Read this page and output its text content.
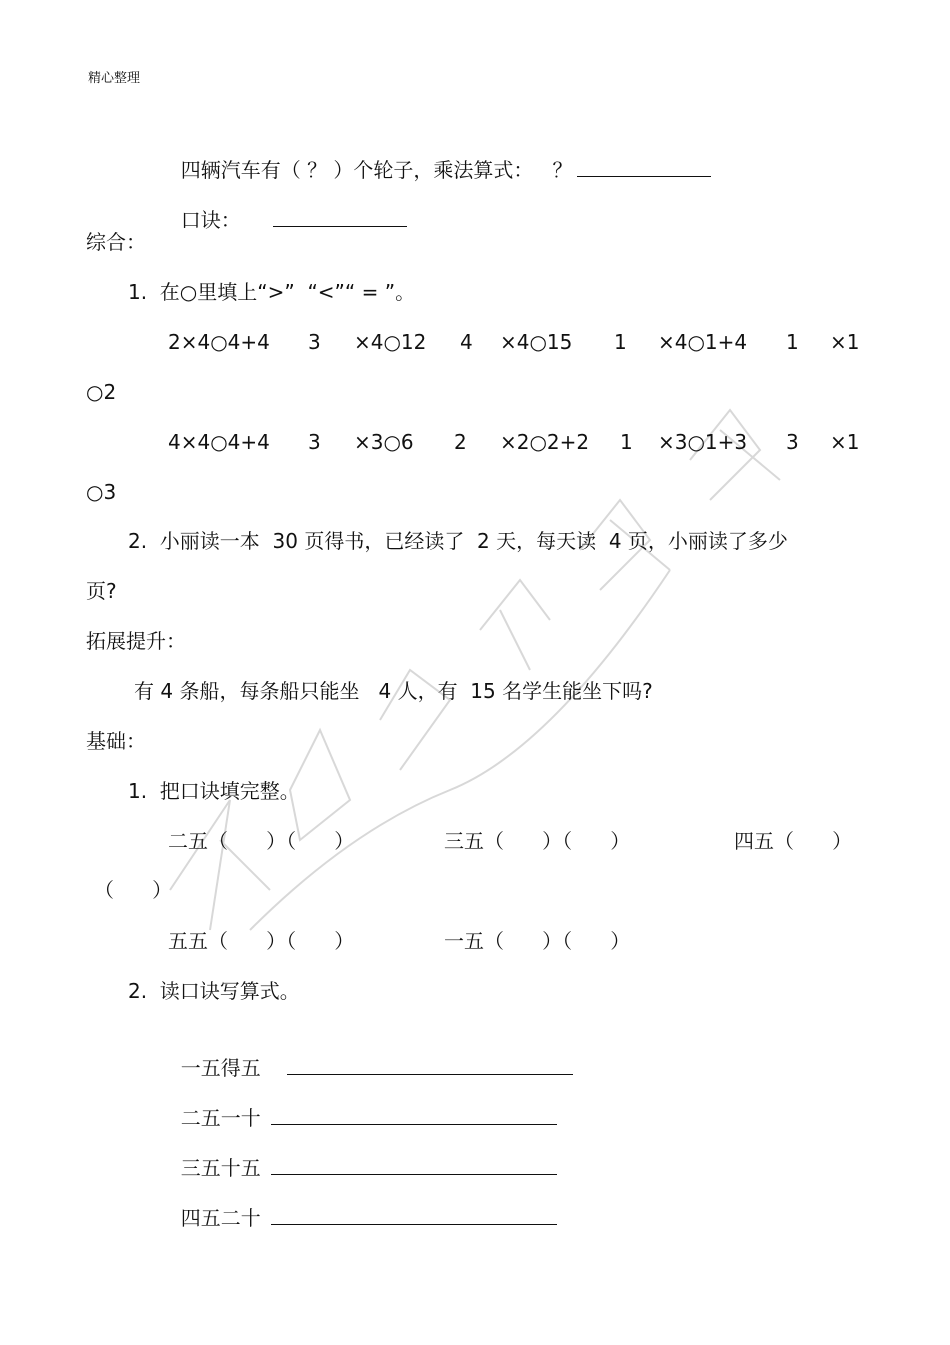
精心整理

四辆汽车有（ ？ ）个轮子，乘法算式：   ？

口诀：

综合：
1.  在○里填上“>”  “<”“ = ”。
2×4○4+4 3 ×4○12 4 ×4○15 1 ×4○1+4 1 ×1
○2
4×4○4+4 3 ×3○6 2 ×2○2+2 1 ×3○1+3 3 ×1
○3
2.  小丽读一本  30 页得书，已经读了  2 天，每天读  4 页，小丽读了多少
页?
拓展提升：
有 4 条船，每条船只能坐   4 人，有  15 名学生能坐下吗?
基础：
1.  把口诀填完整。
二五（      ）（      ）	三五（      ）（      ）	四五（      ）
（      ）
五五（      ）（      ）	一五（      ）（      ）
2.  读口诀写算式。

一五得五

二五一十

三五十五

四五二十
